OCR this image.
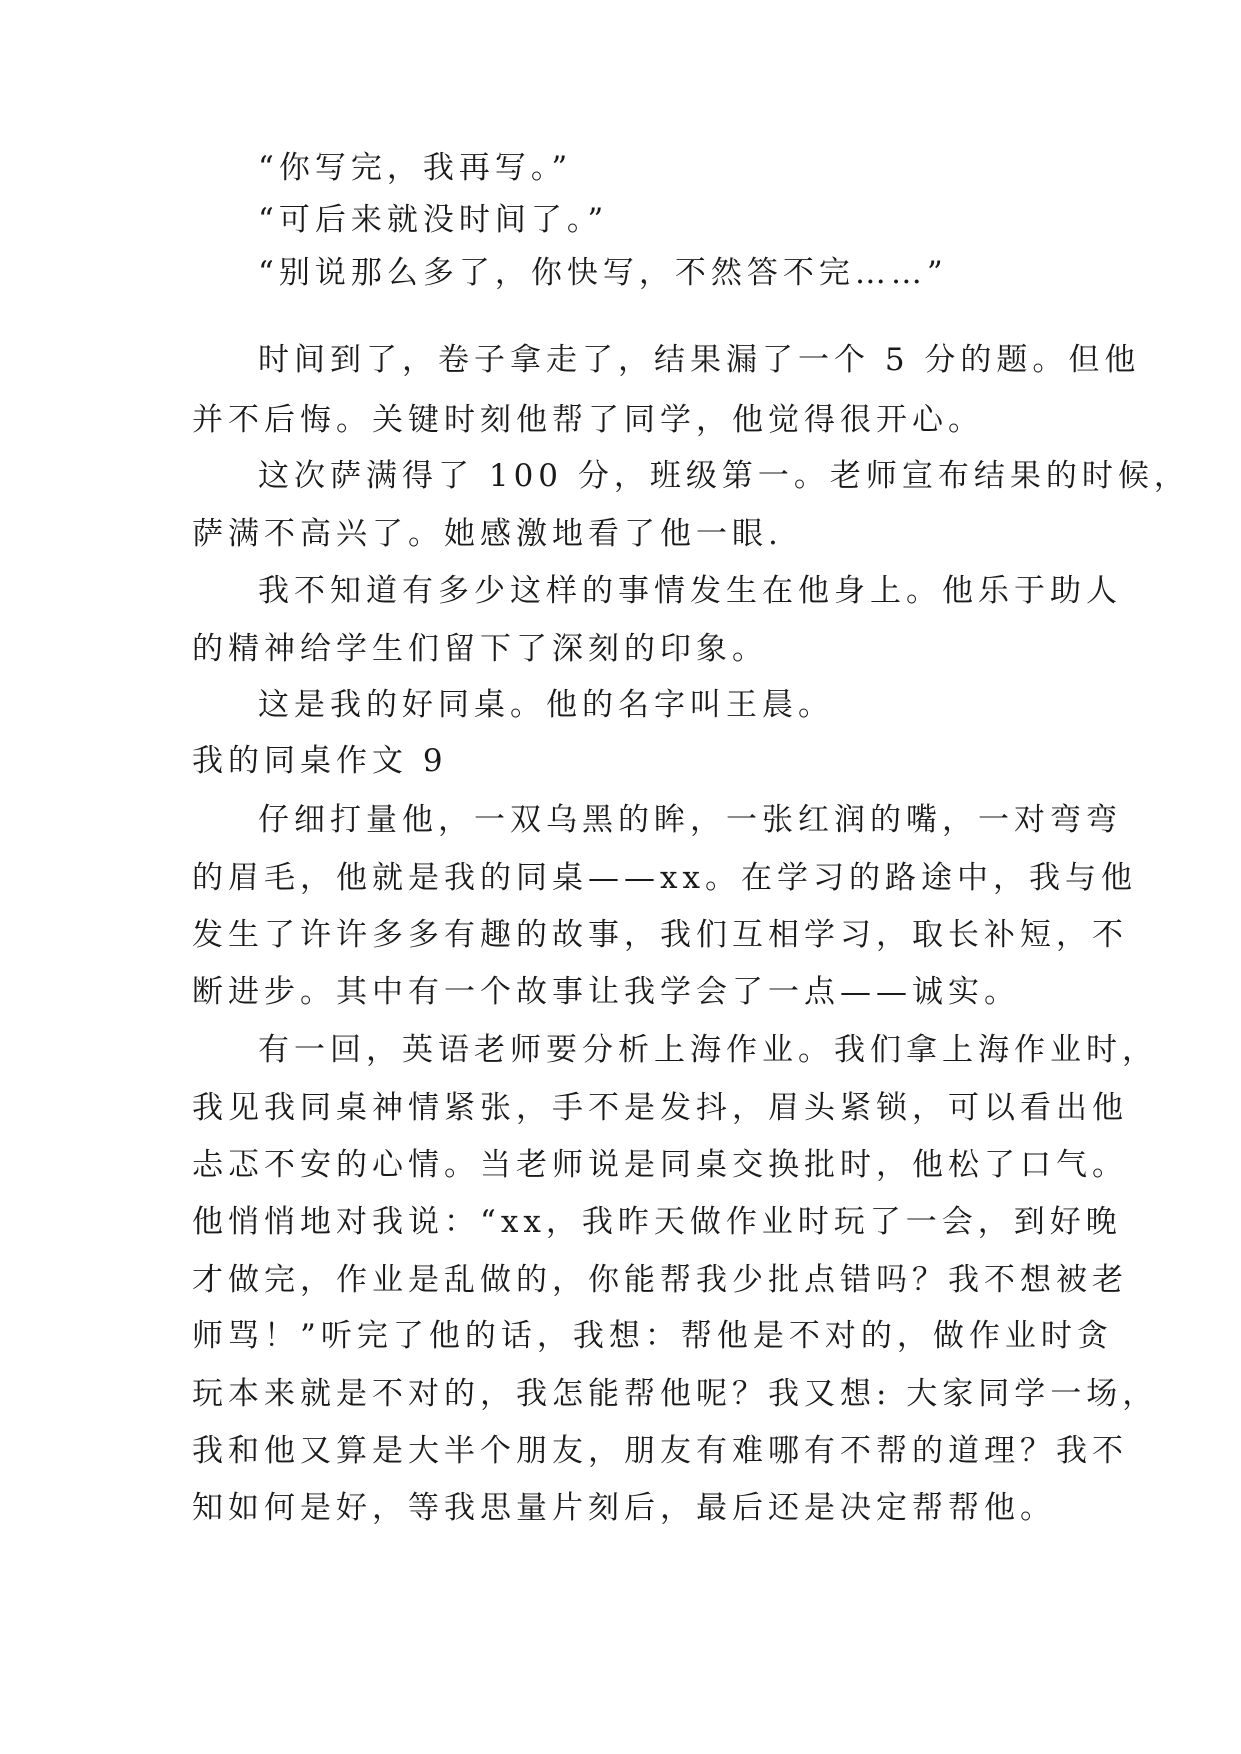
“你写完，我再写。”
“可后来就没时间了。”
“别说那么多了，你快写，不然答不完……”
时间到了，卷子拿走了，结果漏了一个 5 分的题。但他
并不后悔。关键时刻他帮了同学，他觉得很开心。
这次萨满得了 100 分，班级第一。老师宣布结果的时候，
萨满不高兴了。她感激地看了他一眼.
我不知道有多少这样的事情发生在他身上。他乐于助人
的精神给学生们留下了深刻的印象。
这是我的好同桌。他的名字叫王晨。
我的同桌作文 9
仔细打量他，一双乌黑的眸，一张红润的嘴，一对弯弯
的眉毛，他就是我的同桌——xx。在学习的路途中，我与他
发生了许许多多有趣的故事，我们互相学习，取长补短，不
断进步。其中有一个故事让我学会了一点——诚实。
有一回，英语老师要分析上海作业。我们拿上海作业时，
我见我同桌神情紧张，手不是发抖，眉头紧锁，可以看出他
忐忑不安的心情。当老师说是同桌交换批时，他松了口气。
他悄悄地对我说：“xx，我昨天做作业时玩了一会，到好晚
才做完，作业是乱做的，你能帮我少批点错吗？我不想被老
师骂！”听完了他的话，我想：帮他是不对的，做作业时贪
玩本来就是不对的，我怎能帮他呢？我又想: 大家同学一场，
我和他又算是大半个朋友，朋友有难哪有不帮的道理？我不
知如何是好，等我思量片刻后，最后还是决定帮帮他。
